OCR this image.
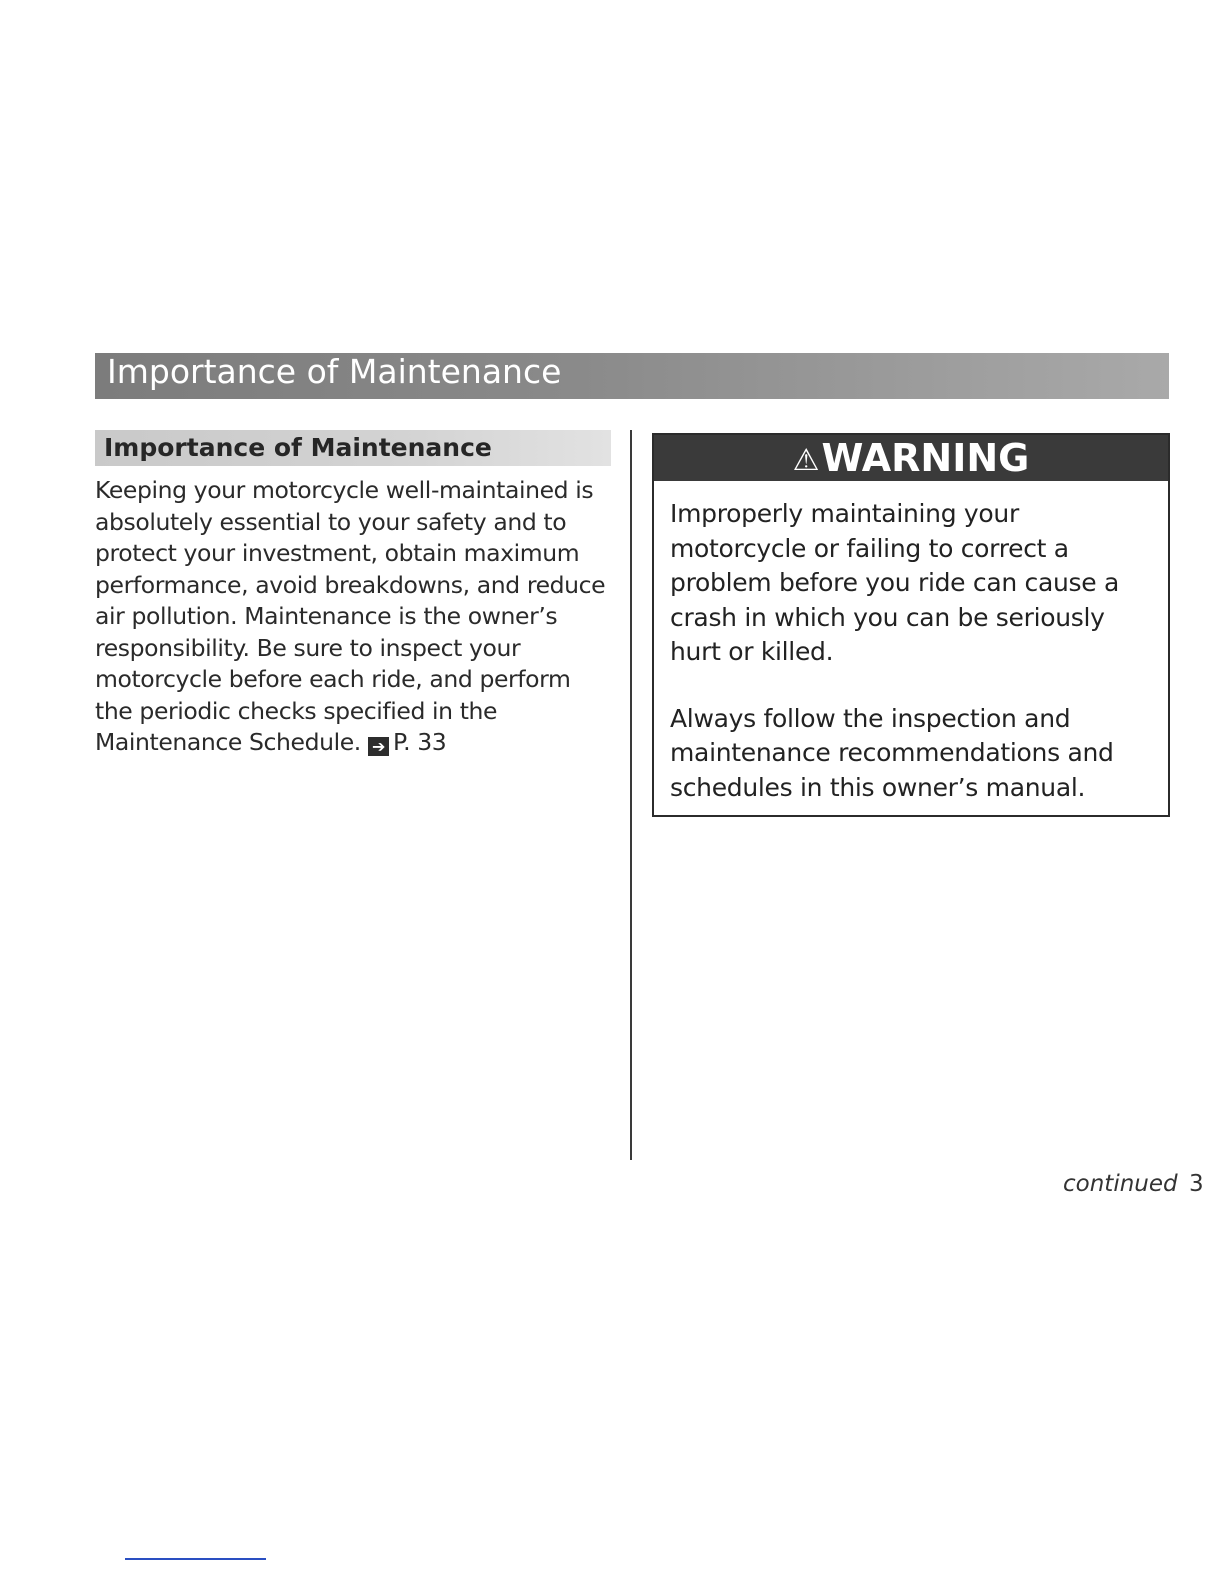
Importance of Maintenance
Importance of Maintenance
Keeping your motorcycle well-maintained is absolutely essential to your safety and to protect your investment, obtain maximum performance, avoid breakdowns, and reduce air pollution. Maintenance is the owner’s responsibility. Be sure to inspect your motorcycle before each ride, and perform the periodic checks specified in the Maintenance Schedule. ➔ P. 33
⚠WARNING

Improperly maintaining your motorcycle or failing to correct a problem before you ride can cause a crash in which you can be seriously hurt or killed.

Always follow the inspection and maintenance recommendations and schedules in this owner’s manual.

continued 3
